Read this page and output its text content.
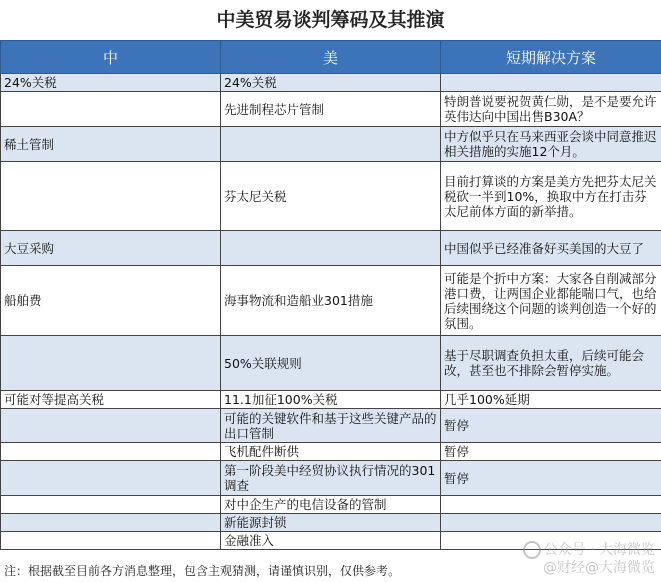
中美贸易谈判筹码及其推演
中	美	短期解决方案
24%关税	24%关税	
	先进制程芯片管制	特朗普说要祝贺黄仁勋，是不是要允许英伟达向中国出售B30A？
稀土管制		中方似乎只在马来西亚会谈中同意推迟相关措施的实施12个月。
	芬太尼关税	目前打算谈的方案是美方先把芬太尼关税砍一半到10%，换取中方在打击芬太尼前体方面的新举措。
大豆采购		中国似乎已经准备好买美国的大豆了
船舶费	海事物流和造船业301措施	可能是个折中方案：大家各自削减部分港口费，让两国企业都能喘口气，也给后续围绕这个问题的谈判创造一个好的氛围。
	50%关联规则	基于尽职调查负担太重，后续可能会改，甚至也不排除会暂停实施。
可能对等提高关税	11.1加征100%关税	几乎100%延期
	可能的关键软件和基于这些关键产品的出口管制	暂停
	飞机配件断供	暂停
	第一阶段美中经贸协议执行情况的301调查	暂停
	对中企生产的电信设备的管制	
	新能源封锁	
	金融准入	
公众号 · 大海微览
@财经@大海微览
注：根据截至目前各方消息整理，包含主观猜测，请谨慎识别，仅供参考。
